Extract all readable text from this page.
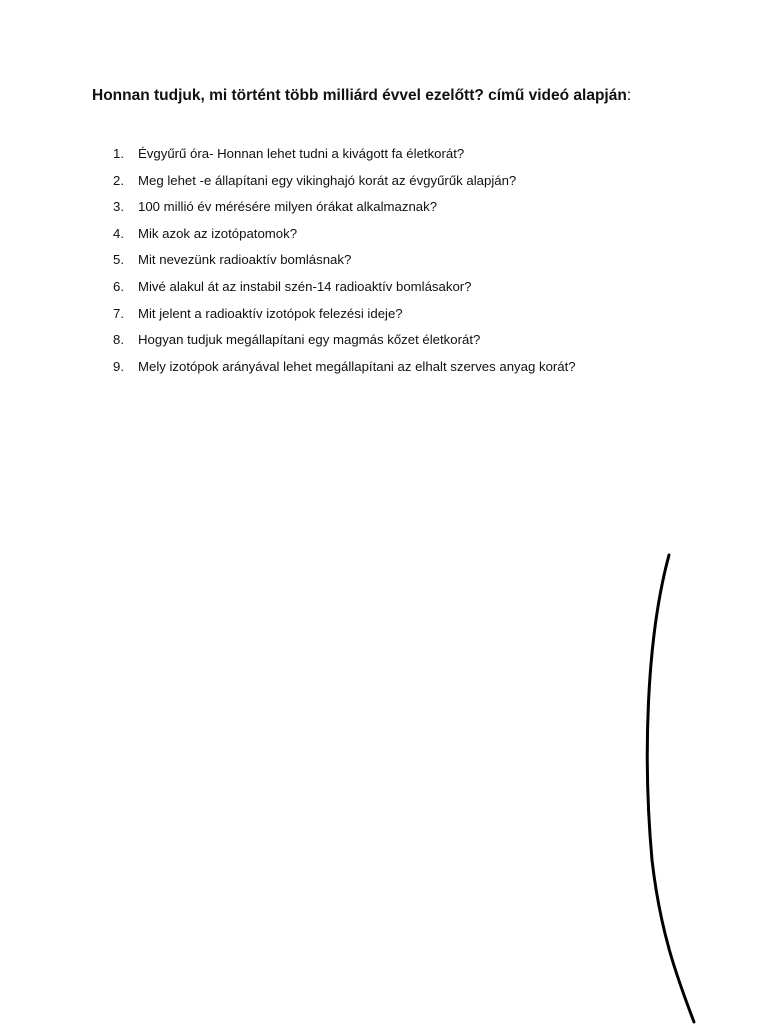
Honnan tudjuk, mi történt több milliárd évvel ezelőtt? című videó alapján:
1.	Évgyűrű óra- Honnan lehet tudni a kivágott fa életkorát?
2.	Meg lehet -e állapítani egy vikinghajó korát az évgyűrűk alapján?
3.	100 millió év mérésére milyen órákat alkalmaznak?
4.	Mik azok az izotópatomok?
5.	Mit nevezünk radioaktív bomlásnak?
6.	Mivé alakul át az instabil szén-14 radioaktív bomlásakor?
7.	Mit jelent a radioaktív izotópok felezési ideje?
8.	Hogyan tudjuk megállapítani egy magmás kőzet életkorát?
9.	Mely izotópok arányával lehet megállapítani az elhalt szerves anyag korát?
